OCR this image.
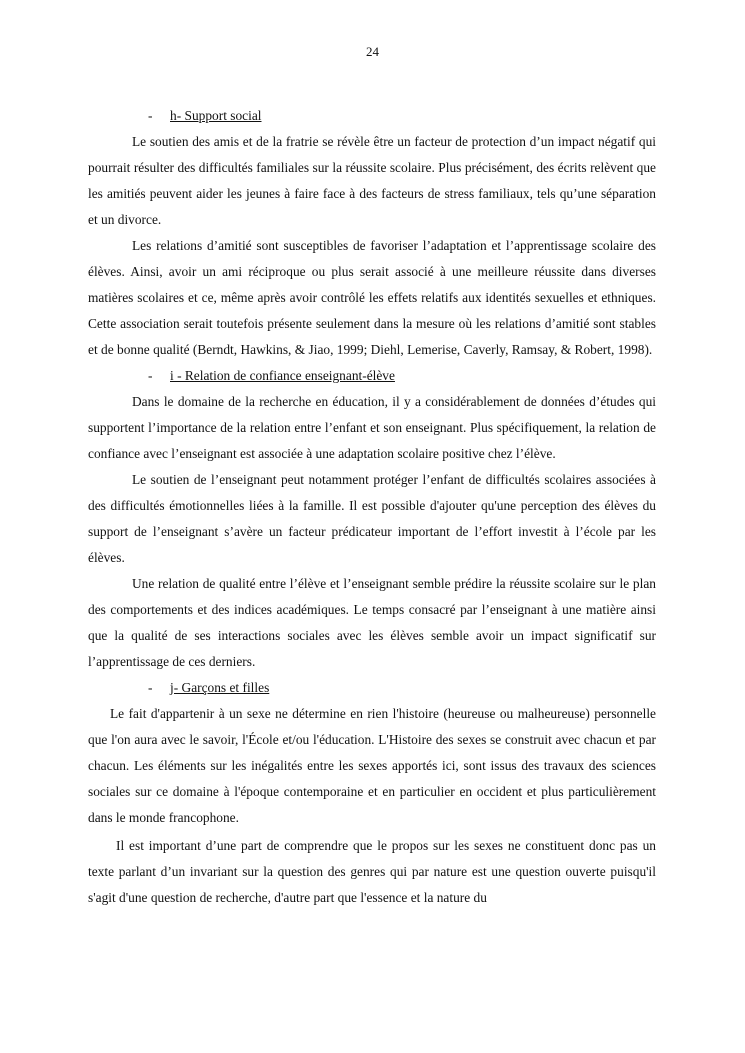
24
- h- Support social

Le soutien des amis et de la fratrie se révèle être un facteur de protection d’un impact négatif qui pourrait résulter des difficultés familiales sur la réussite scolaire. Plus précisément, des écrits relèvent que les amitiés peuvent aider les jeunes à faire face à des facteurs de stress familiaux, tels qu’une séparation et un divorce.

Les relations d’amitié sont susceptibles de favoriser l’adaptation et l’apprentissage scolaire des élèves. Ainsi, avoir un ami réciproque ou plus serait associé à une meilleure réussite dans diverses matières scolaires et ce, même après avoir contrôlé les effets relatifs aux identités sexuelles et ethniques. Cette association serait toutefois présente seulement dans la mesure où les relations d’amitié sont stables et de bonne qualité (Berndt, Hawkins, & Jiao, 1999; Diehl, Lemerise, Caverly, Ramsay, & Robert, 1998).

- i - Relation de confiance enseignant-élève

Dans le domaine de la recherche en éducation, il y a considérablement de données d’études qui supportent l’importance de la relation entre l’enfant et son enseignant. Plus spécifiquement, la relation de confiance avec l’enseignant est associée à une adaptation scolaire positive chez l’élève.

Le soutien de l’enseignant peut notamment protéger l’enfant de difficultés scolaires associées à des difficultés émotionnelles liées à la famille. Il est possible d'ajouter qu'une perception des élèves du support de l’enseignant s’avère un facteur prédicateur important de l’effort investit à l’école par les élèves.

Une relation de qualité entre l’élève et l’enseignant semble prédire la réussite scolaire sur le plan des comportements et des indices académiques. Le temps consacré par l’enseignant à une matière ainsi que la qualité de ses interactions sociales avec les élèves semble avoir un impact significatif sur l’apprentissage de ces derniers.

- j- Garçons et filles

Le fait d'appartenir à un sexe ne détermine en rien l'histoire (heureuse ou malheureuse) personnelle que l'on aura avec le savoir, l'École et/ou l'éducation. L'Histoire des sexes se construit avec chacun et par chacun. Les éléments sur les inégalités entre les sexes apportés ici, sont issus des travaux des sciences sociales sur ce domaine à l'époque contemporaine et en particulier en occident et plus particulièrement dans le monde francophone.

Il est important d’une part de comprendre que le propos sur les sexes ne constituent donc pas un texte parlant d’un invariant sur la question des genres qui par nature est une question ouverte puisqu'il s'agit d'une question de recherche, d'autre part que l'essence et la nature du
